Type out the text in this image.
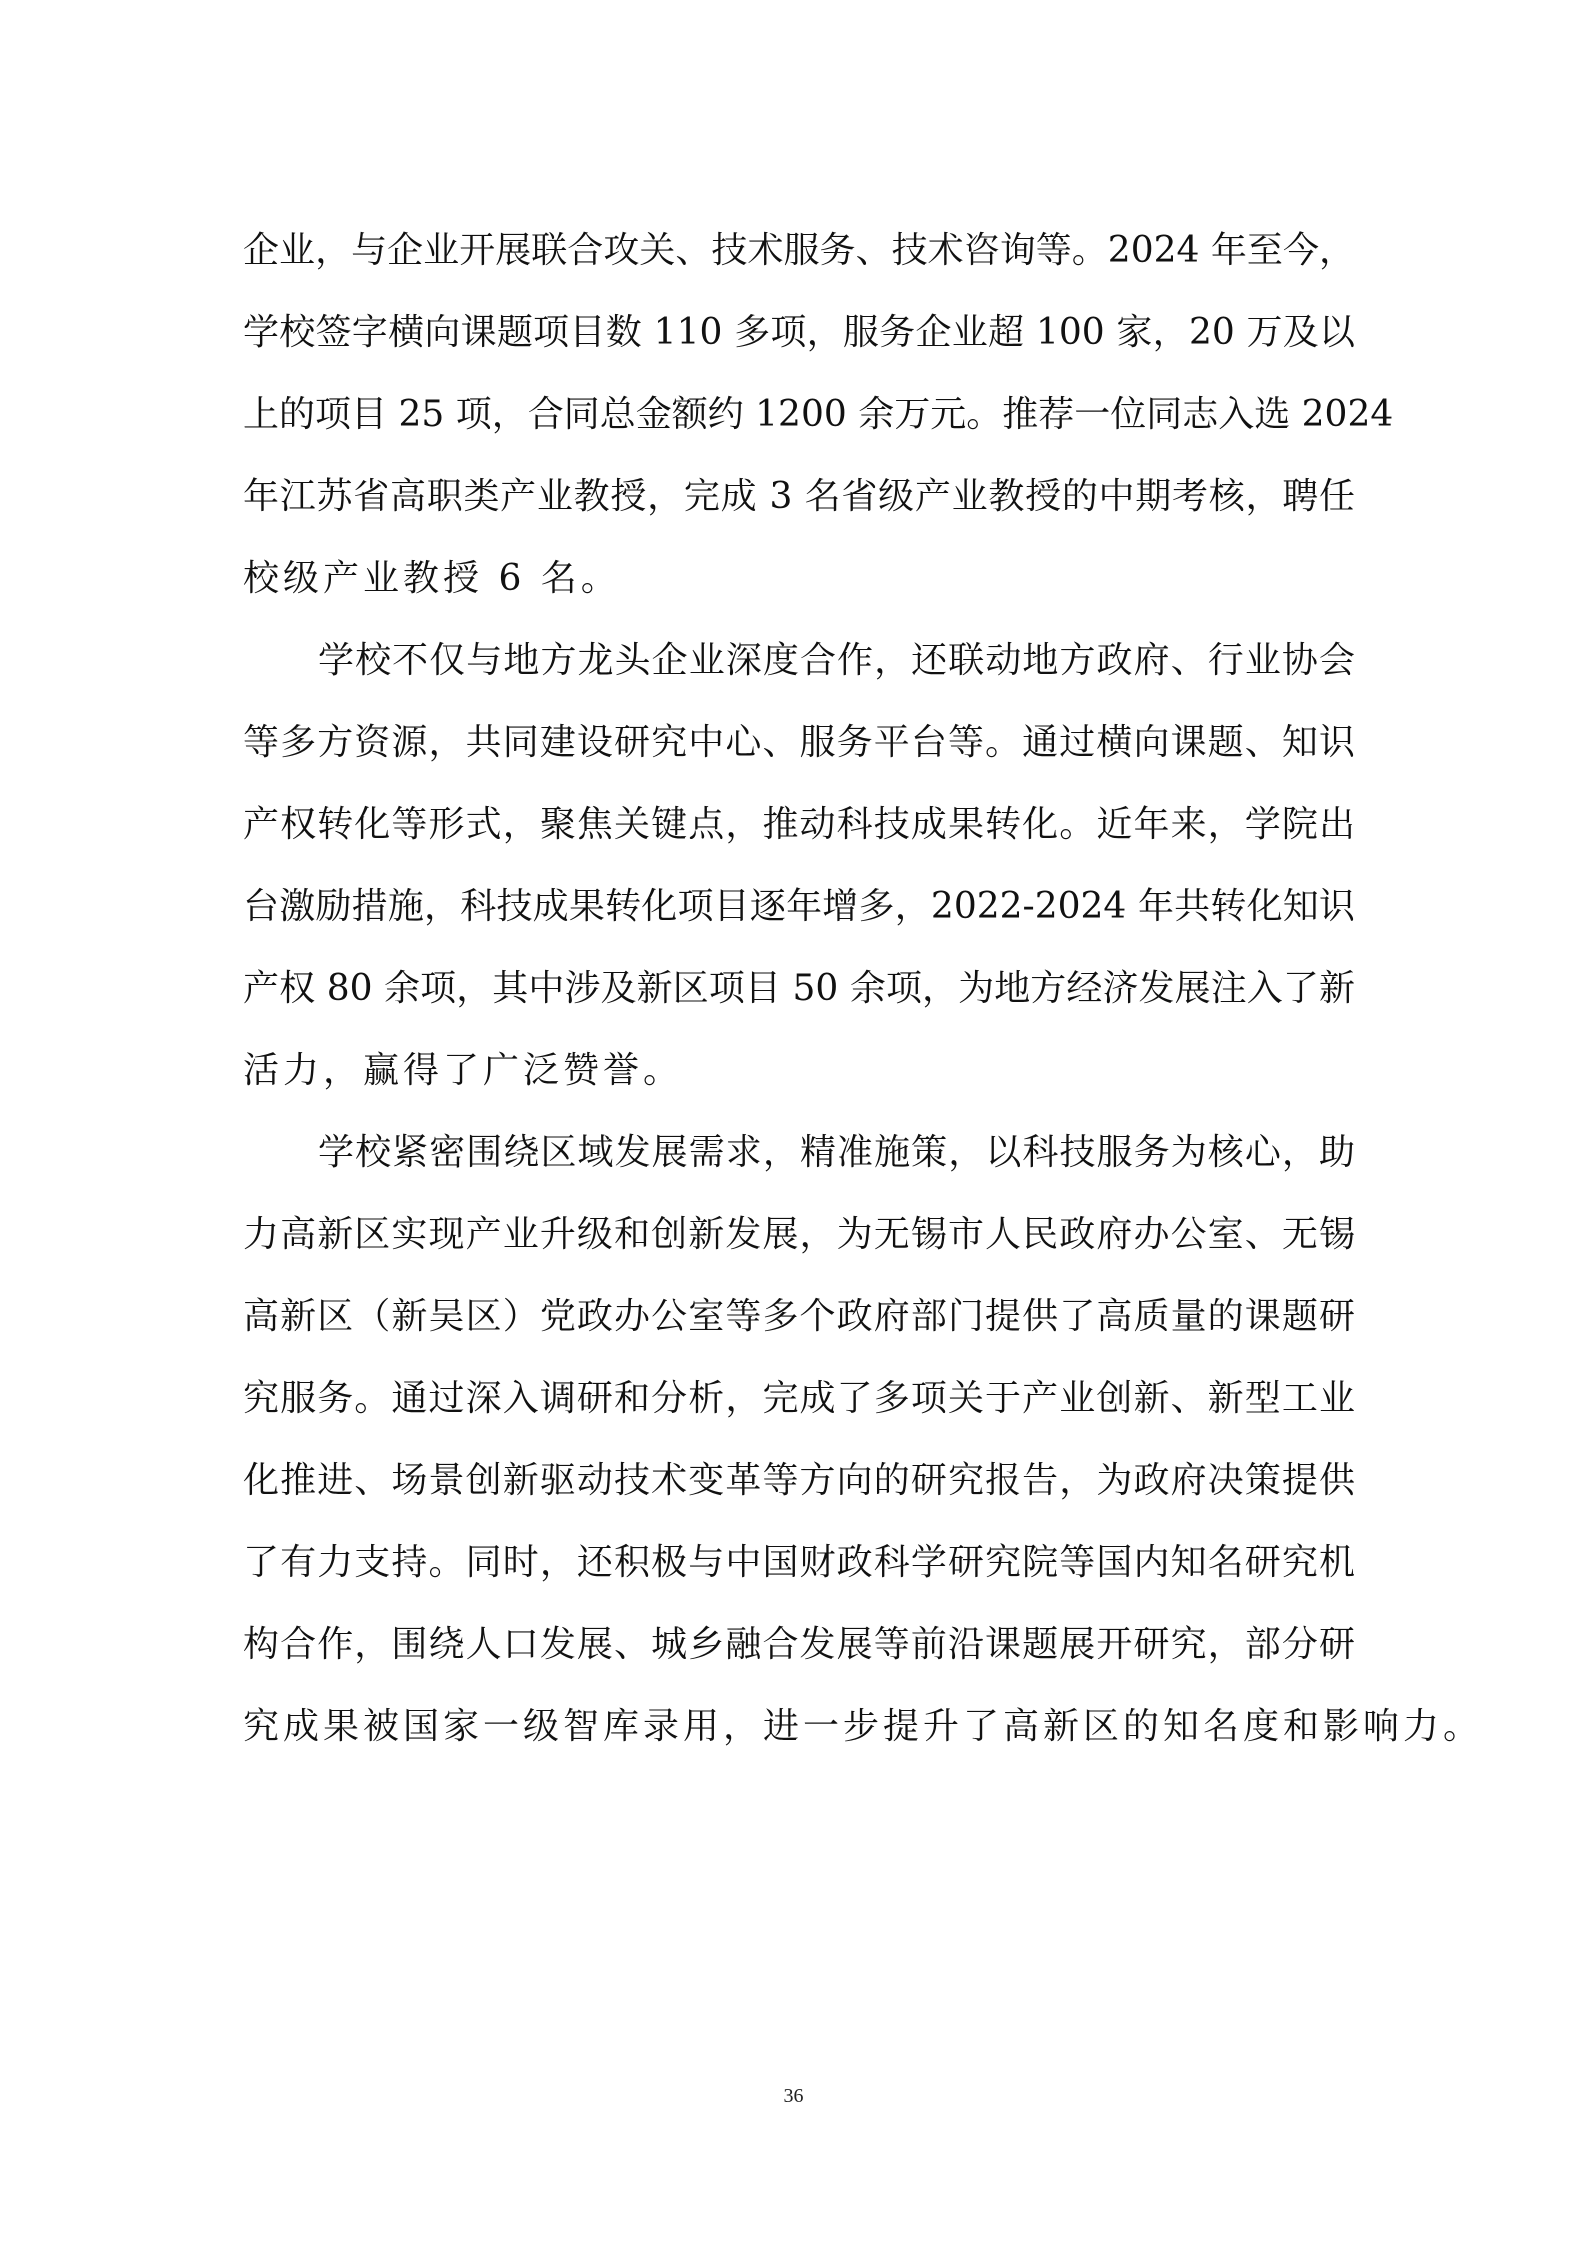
企业，与企业开展联合攻关、技术服务、技术咨询等。2024 年至今，
学校签字横向课题项目数 110 多项，服务企业超 100 家，20 万及以
上的项目 25 项，合同总金额约 1200 余万元。推荐一位同志入选 2024
年江苏省高职类产业教授，完成 3 名省级产业教授的中期考核，聘任
校级产业教授 6 名。
学校不仅与地方龙头企业深度合作，还联动地方政府、行业协会
等多方资源，共同建设研究中心、服务平台等。通过横向课题、知识
产权转化等形式，聚焦关键点，推动科技成果转化。近年来，学院出
台激励措施，科技成果转化项目逐年增多，2022-2024 年共转化知识
产权 80 余项，其中涉及新区项目 50 余项，为地方经济发展注入了新
活力，赢得了广泛赞誉。
学校紧密围绕区域发展需求，精准施策，以科技服务为核心，助
力高新区实现产业升级和创新发展，为无锡市人民政府办公室、无锡
高新区（新吴区）党政办公室等多个政府部门提供了高质量的课题研
究服务。通过深入调研和分析，完成了多项关于产业创新、新型工业
化推进、场景创新驱动技术变革等方向的研究报告，为政府决策提供
了有力支持。同时，还积极与中国财政科学研究院等国内知名研究机
构合作，围绕人口发展、城乡融合发展等前沿课题展开研究，部分研
究成果被国家一级智库录用，进一步提升了高新区的知名度和影响力。
36
